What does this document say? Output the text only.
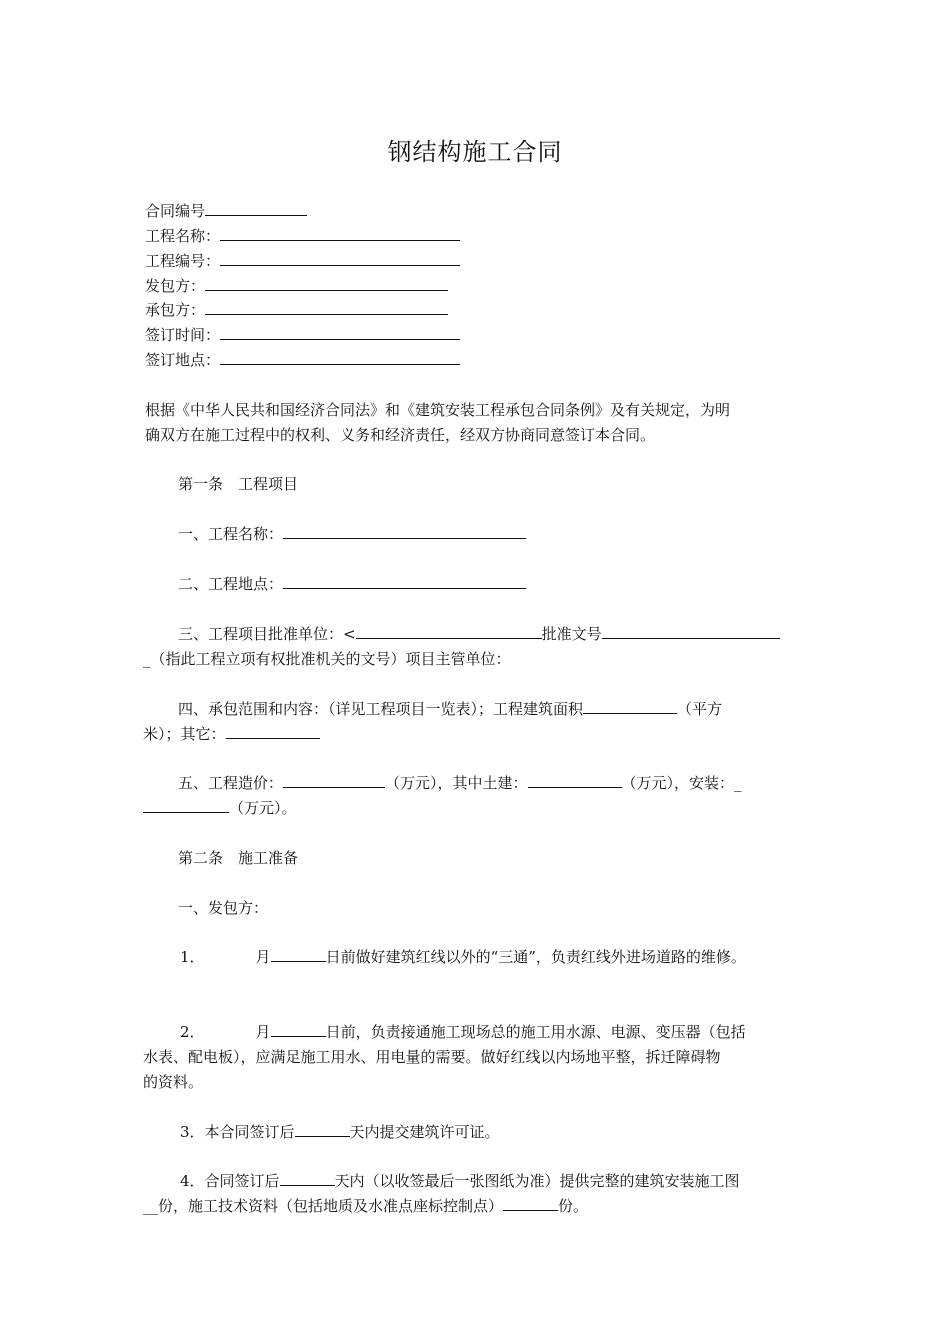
钢结构施工合同
合同编号
工程名称：
工程编号：
发包方：
承包方：
签订时间：
签订地点：
根据《中华人民共和国经济合同法》和《建筑安装工程承包合同条例》及有关规定，为明
确双方在施工过程中的权利、义务和经济责任，经双方协商同意签订本合同。
第一条　工程项目
一、工程名称：
二、工程地点：
三、工程项目批准单位：<	批准文号
_（指此工程立项有权批准机关的文号）项目主管单位：
四、承包范围和内容：（详见工程项目一览表）；工程建筑面积	（平方
米）；其它：
五、工程造价：	（万元），其中土建：	（万元），安装：_
（万元）。
第二条　施工准备
一、发包方：
1．	月	日前做好建筑红线以外的“三通”，负责红线外进场道路的维修。
2．	月	日前，负责接通施工现场总的施工用水源、电源、变压器（包括
水表、配电板），应满足施工用水、用电量的需要。做好红线以内场地平整，拆迁障碍物
的资料。
3．本合同签订后	天内提交建筑许可证。
4．合同签订后	天内（以收签最后一张图纸为准）提供完整的建筑安装施工图
__份，施工技术资料（包括地质及水准点座标控制点）	份。
